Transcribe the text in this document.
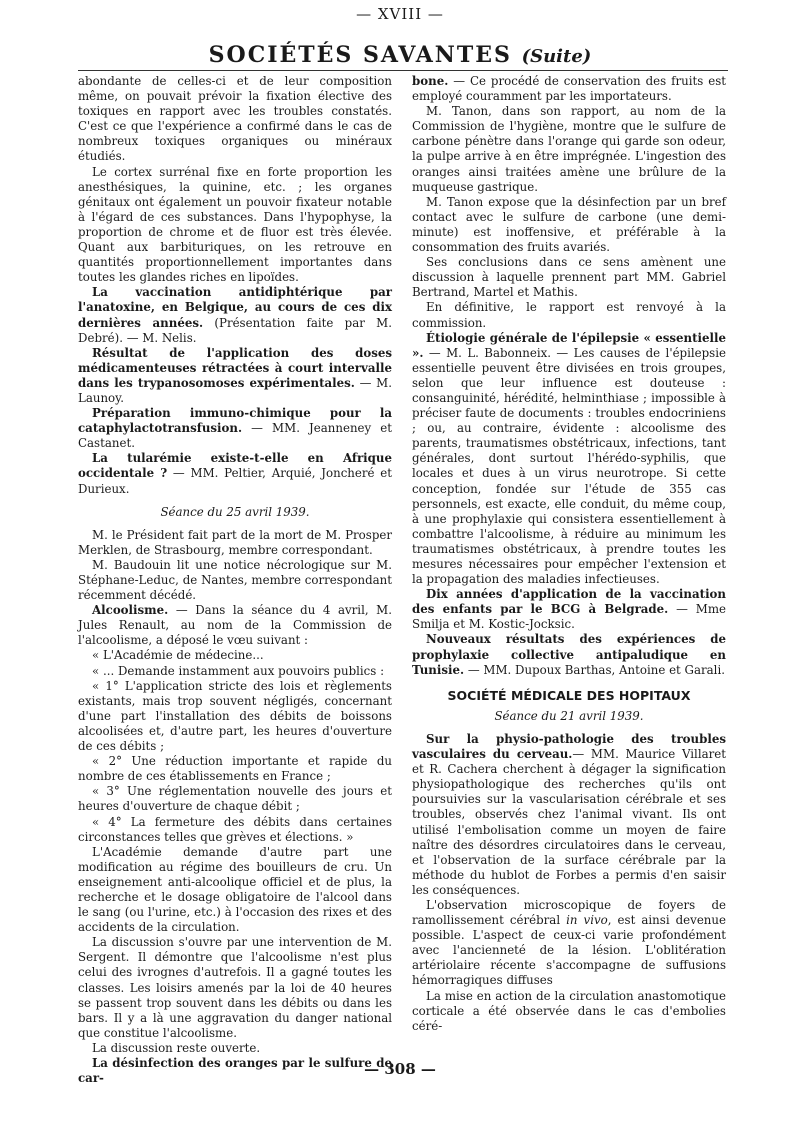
— XVIII —
SOCIÉTÉS SAVANTES (Suite)

abondante de celles-ci et de leur composition même, on pouvait prévoir la fixation élective des toxiques en rapport avec les troubles constatés. C'est ce que l'expérience a confirmé dans le cas de nombreux toxiques organiques ou minéraux étudiés.

Le cortex surrénal fixe en forte proportion les anesthésiques, la quinine, etc. ; les organes génitaux ont également un pouvoir fixateur notable à l'égard de ces substances. Dans l'hypophyse, la proportion de chrome et de fluor est très élevée. Quant aux barbituriques, on les retrouve en quantités proportionnellement importantes dans toutes les glandes riches en lipoïdes.

La vaccination antidiphtérique par l'anatoxine, en Belgique, au cours de ces dix dernières années. (Présentation faite par M. Debré). — M. Nelis.

Résultat de l'application des doses médicamenteuses rétractées à court intervalle dans les trypanosomoses expérimentales. — M. Launoy.

Préparation immuno-chimique pour la cataphylactotransfusion. — MM. Jeanneney et Castanet.

La tularémie existe-t-elle en Afrique occidentale ? — MM. Peltier, Arquié, Joncheré et Durieux.

Séance du 25 avril 1939.

M. le Président fait part de la mort de M. Prosper Merklen, de Strasbourg, membre correspondant.

M. Baudouin lit une notice nécrologique sur M. Stéphane-Leduc, de Nantes, membre correspondant récemment décédé.

Alcoolisme. — Dans la séance du 4 avril, M. Jules Renault, au nom de la Commission de l'alcoolisme, a déposé le vœu suivant :

« L'Académie de médecine...

« ... Demande instamment aux pouvoirs publics :

« 1° L'application stricte des lois et règlements existants, mais trop souvent négligés, concernant d'une part l'installation des débits de boissons alcoolisées et, d'autre part, les heures d'ouverture de ces débits ;

« 2° Une réduction importante et rapide du nombre de ces établissements en France ;

« 3° Une réglementation nouvelle des jours et heures d'ouverture de chaque débit ;

« 4° La fermeture des débits dans certaines circonstances telles que grèves et élections. »

L'Académie demande d'autre part une modification au régime des bouilleurs de cru. Un enseignement anti-alcoolique officiel et de plus, la recherche et le dosage obligatoire de l'alcool dans le sang (ou l'urine, etc.) à l'occasion des rixes et des accidents de la circulation.

La discussion s'ouvre par une intervention de M. Sergent. Il démontre que l'alcoolisme n'est plus celui des ivrognes d'autrefois. Il a gagné toutes les classes. Les loisirs amenés par la loi de 40 heures se passent trop souvent dans les débits ou dans les bars. Il y a là une aggravation du danger national que constitue l'alcoolisme.

La discussion reste ouverte.

La désinfection des oranges par le sulfure de car-

bone. — Ce procédé de conservation des fruits est employé couramment par les importateurs.

M. Tanon, dans son rapport, au nom de la Commission de l'hygiène, montre que le sulfure de carbone pénètre dans l'orange qui garde son odeur, la pulpe arrive à en être imprégnée. L'ingestion des oranges ainsi traitées amène une brûlure de la muqueuse gastrique.

M. Tanon expose que la désinfection par un bref contact avec le sulfure de carbone (une demi-minute) est inoffensive, et préférable à la consommation des fruits avariés.

Ses conclusions dans ce sens amènent une discussion à laquelle prennent part MM. Gabriel Bertrand, Martel et Mathis.

En définitive, le rapport est renvoyé à la commission.

Étiologie générale de l'épilepsie « essentielle ». — M. L. Babonneix. — Les causes de l'épilepsie essentielle peuvent être divisées en trois groupes, selon que leur influence est douteuse : consanguinité, hérédité, helminthiase ; impossible à préciser faute de documents : troubles endocriniens ; ou, au contraire, évidente : alcoolisme des parents, traumatismes obstétricaux, infections, tant générales, dont surtout l'hérédo-syphilis, que locales et dues à un virus neurotrope. Si cette conception, fondée sur l'étude de 355 cas personnels, est exacte, elle conduit, du même coup, à une prophylaxie qui consistera essentiellement à combattre l'alcoolisme, à réduire au minimum les traumatismes obstétricaux, à prendre toutes les mesures nécessaires pour empêcher l'extension et la propagation des maladies infectieuses.

Dix années d'application de la vaccination des enfants par le BCG à Belgrade. — Mme Smilja et M. Kostic-Jocksic.

Nouveaux résultats des expériences de prophylaxie collective antipaludique en Tunisie. — MM. Dupoux Barthas, Antoine et Garali.

SOCIÉTÉ MÉDICALE DES HOPITAUX

Séance du 21 avril 1939.

Sur la physio-pathologie des troubles vasculaires du cerveau.— MM. Maurice Villaret et R. Cachera cherchent à dégager la signification physiopathologique des recherches qu'ils ont poursuivies sur la vascularisation cérébrale et ses troubles, observés chez l'animal vivant. Ils ont utilisé l'embolisation comme un moyen de faire naître des désordres circulatoires dans le cerveau, et l'observation de la surface cérébrale par la méthode du hublot de Forbes a permis d'en saisir les conséquences.

L'observation microscopique de foyers de ramollissement cérébral in vivo, est ainsi devenue possible. L'aspect de ceux-ci varie profondément avec l'ancienneté de la lésion. L'oblitération artériolaire récente s'accompagne de suffusions hémorragiques diffuses

La mise en action de la circulation anastomotique corticale a été observée dans le cas d'embolies céré-

— 308 —
